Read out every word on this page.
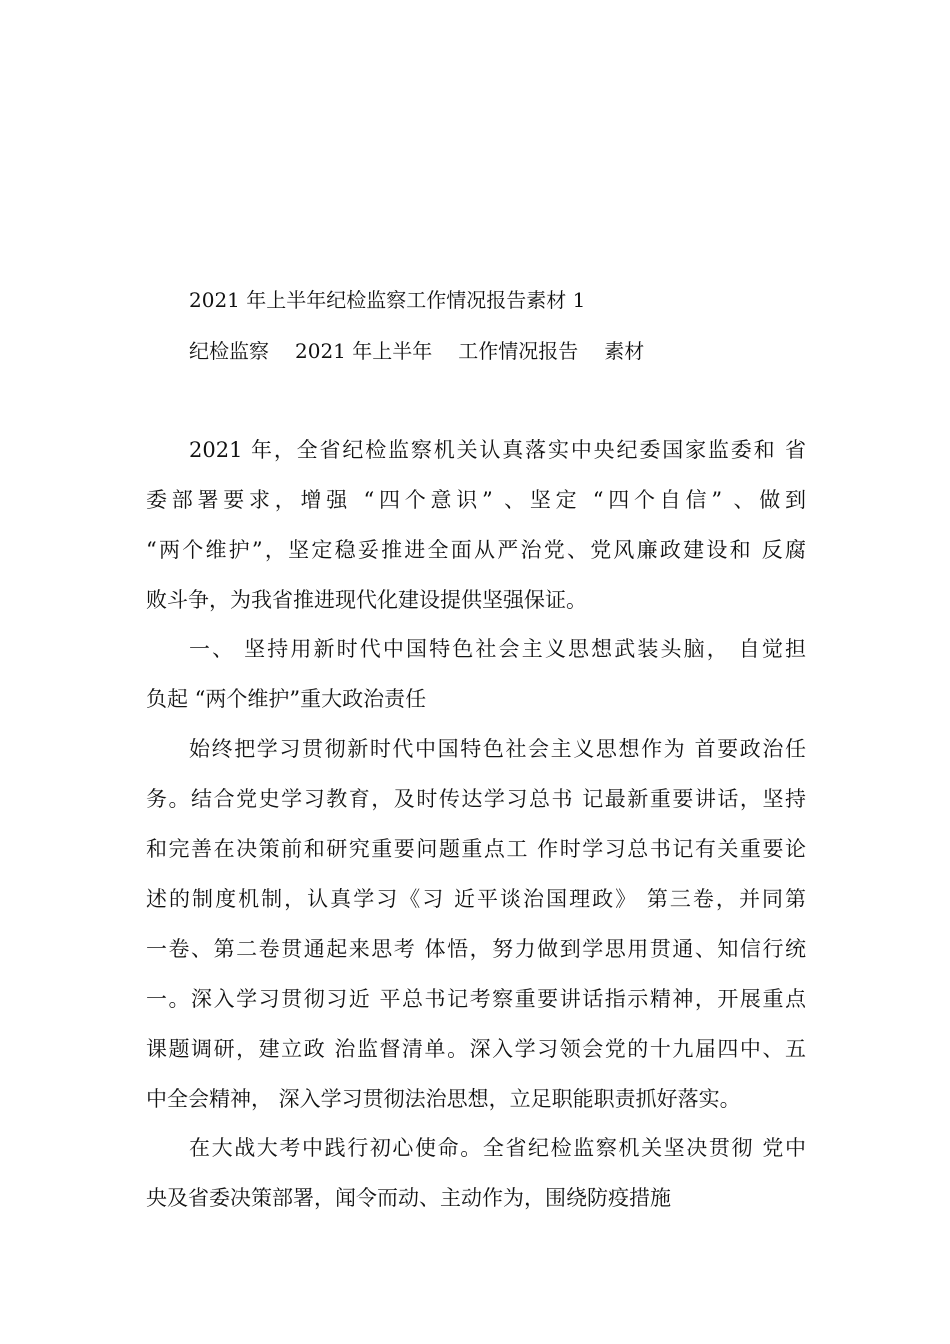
2021 年上半年纪检监察工作情况报告素材 1
纪检监察 2021 年上半年 工作情况报告 素材
2021 年，全省纪检监察机关认真落实中央纪委国家监委和 省
委部署要求，增强 “四个意识” 、坚定 “四个自信” 、做到
“两个维护”，坚定稳妥推进全面从严治党、党风廉政建设和 反腐
败斗争，为我省推进现代化建设提供坚强保证。
一、 坚持用新时代中国特色社会主义思想武装头脑， 自觉担
负起 “两个维护”重大政治责任
始终把学习贯彻新时代中国特色社会主义思想作为 首要政治任
务。结合党史学习教育，及时传达学习总书 记最新重要讲话，坚持
和完善在决策前和研究重要问题重点工 作时学习总书记有关重要论
述的制度机制，认真学习《习 近平谈治国理政》 第三卷，并同第
一卷、第二卷贯通起来思考 体悟，努力做到学思用贯通、知信行统
一。深入学习贯彻习近 平总书记考察重要讲话指示精神，开展重点
课题调研，建立政 治监督清单。深入学习领会党的十九届四中、五
中全会精神， 深入学习贯彻法治思想，立足职能职责抓好落实。
在大战大考中践行初心使命。全省纪检监察机关坚决贯彻 党中
央及省委决策部署，闻令而动、主动作为，围绕防疫措施
